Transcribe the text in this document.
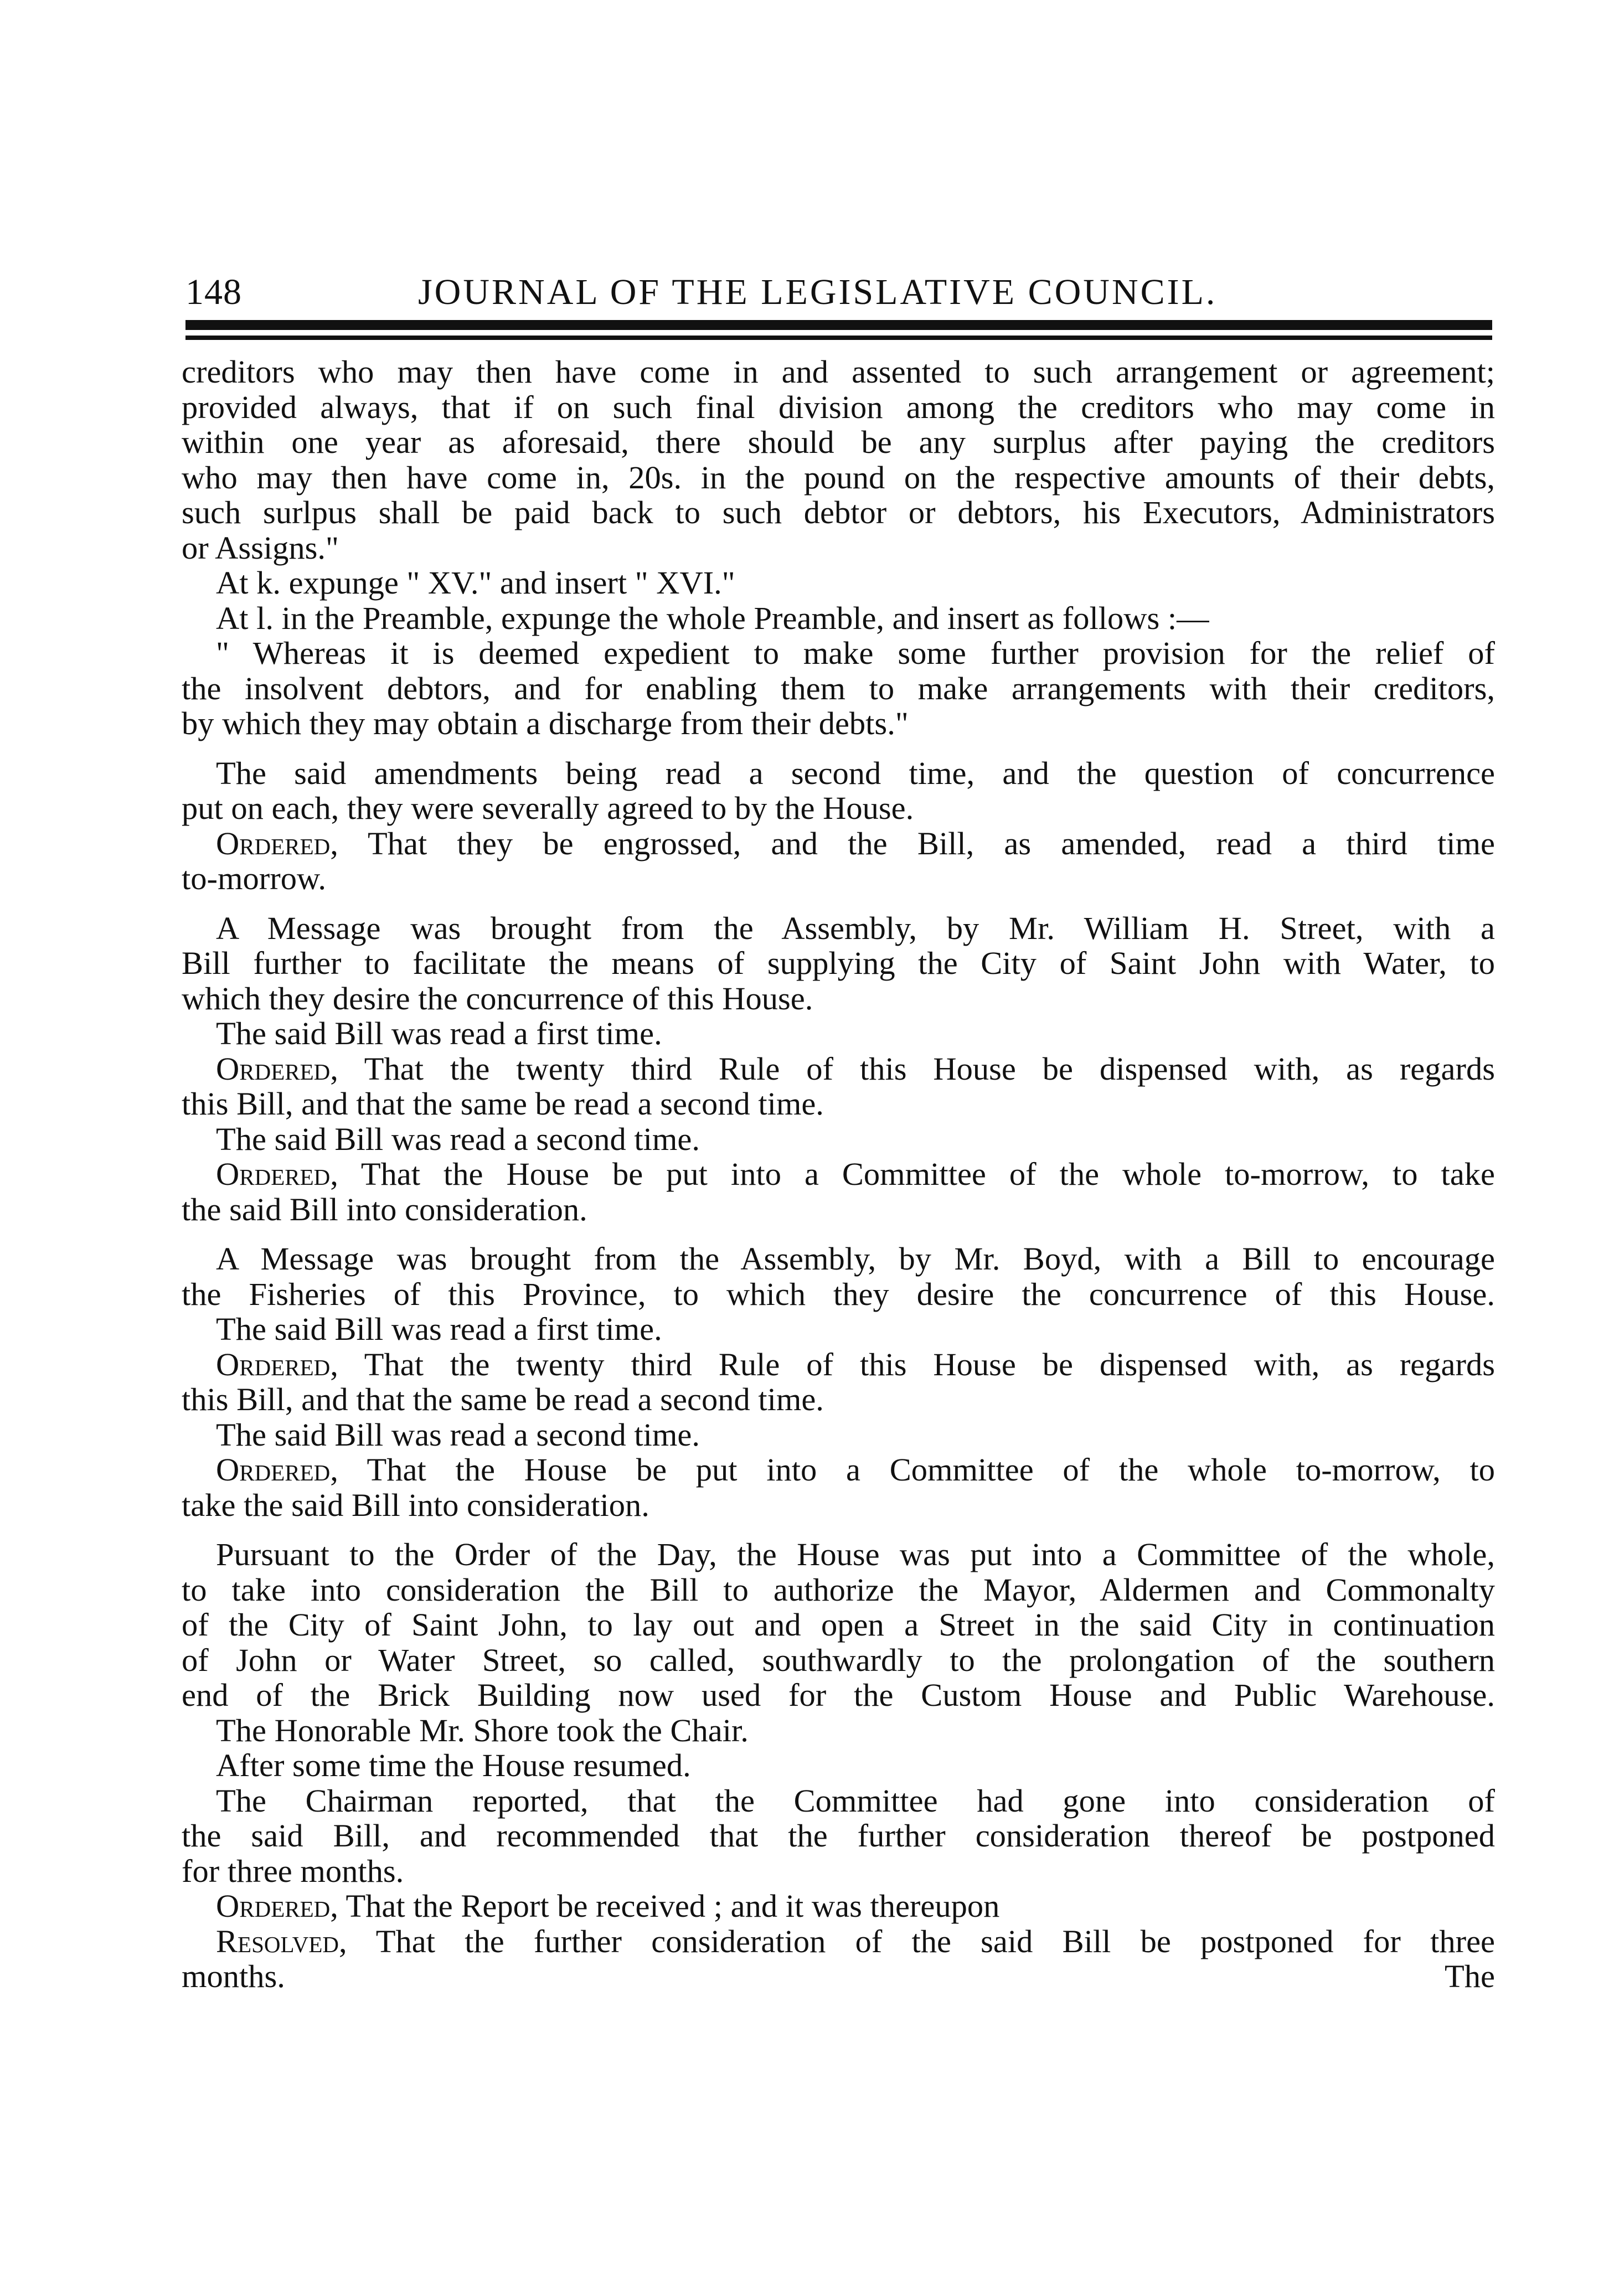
148	JOURNAL OF THE LEGISLATIVE COUNCIL.
creditors who may then have come in and assented to such arrangement or agreement;
provided always, that if on such final division among the creditors who may come in
within one year as aforesaid, there should be any surplus after paying the creditors
who may then have come in, 20s. in the pound on the respective amounts of their debts,
such surlpus shall be paid back to such debtor or debtors, his Executors, Administrators
or Assigns."
At k. expunge " XV." and insert " XVI."
At l. in the Preamble, expunge the whole Preamble, and insert as follows :—
" Whereas it is deemed expedient to make some further provision for the relief of
the insolvent debtors, and for enabling them to make arrangements with their creditors,
by which they may obtain a discharge from their debts."
The said amendments being read a second time, and the question of concurrence
put on each, they were severally agreed to by the House.
Ordered, That they be engrossed, and the Bill, as amended, read a third time
to-morrow.
A Message was brought from the Assembly, by Mr. William H. Street, with a
Bill further to facilitate the means of supplying the City of Saint John with Water, to
which they desire the concurrence of this House.
The said Bill was read a first time.
Ordered, That the twenty third Rule of this House be dispensed with, as regards
this Bill, and that the same be read a second time.
The said Bill was read a second time.
Ordered, That the House be put into a Committee of the whole to-morrow, to take
the said Bill into consideration.
A Message was brought from the Assembly, by Mr. Boyd, with a Bill to encourage
the Fisheries of this Province, to which they desire the concurrence of this House.
The said Bill was read a first time.
Ordered, That the twenty third Rule of this House be dispensed with, as regards
this Bill, and that the same be read a second time.
The said Bill was read a second time.
Ordered, That the House be put into a Committee of the whole to-morrow, to
take the said Bill into consideration.
Pursuant to the Order of the Day, the House was put into a Committee of the whole,
to take into consideration the Bill to authorize the Mayor, Aldermen and Commonalty
of the City of Saint John, to lay out and open a Street in the said City in continuation
of John or Water Street, so called, southwardly to the prolongation of the southern
end of the Brick Building now used for the Custom House and Public Warehouse.
The Honorable Mr. Shore took the Chair.
After some time the House resumed.
The Chairman reported, that the Committee had gone into consideration of
the said Bill, and recommended that the further consideration thereof be postponed
for three months.
Ordered, That the Report be received ; and it was thereupon
Resolved, That the further consideration of the said Bill be postponed for three
months.	The
